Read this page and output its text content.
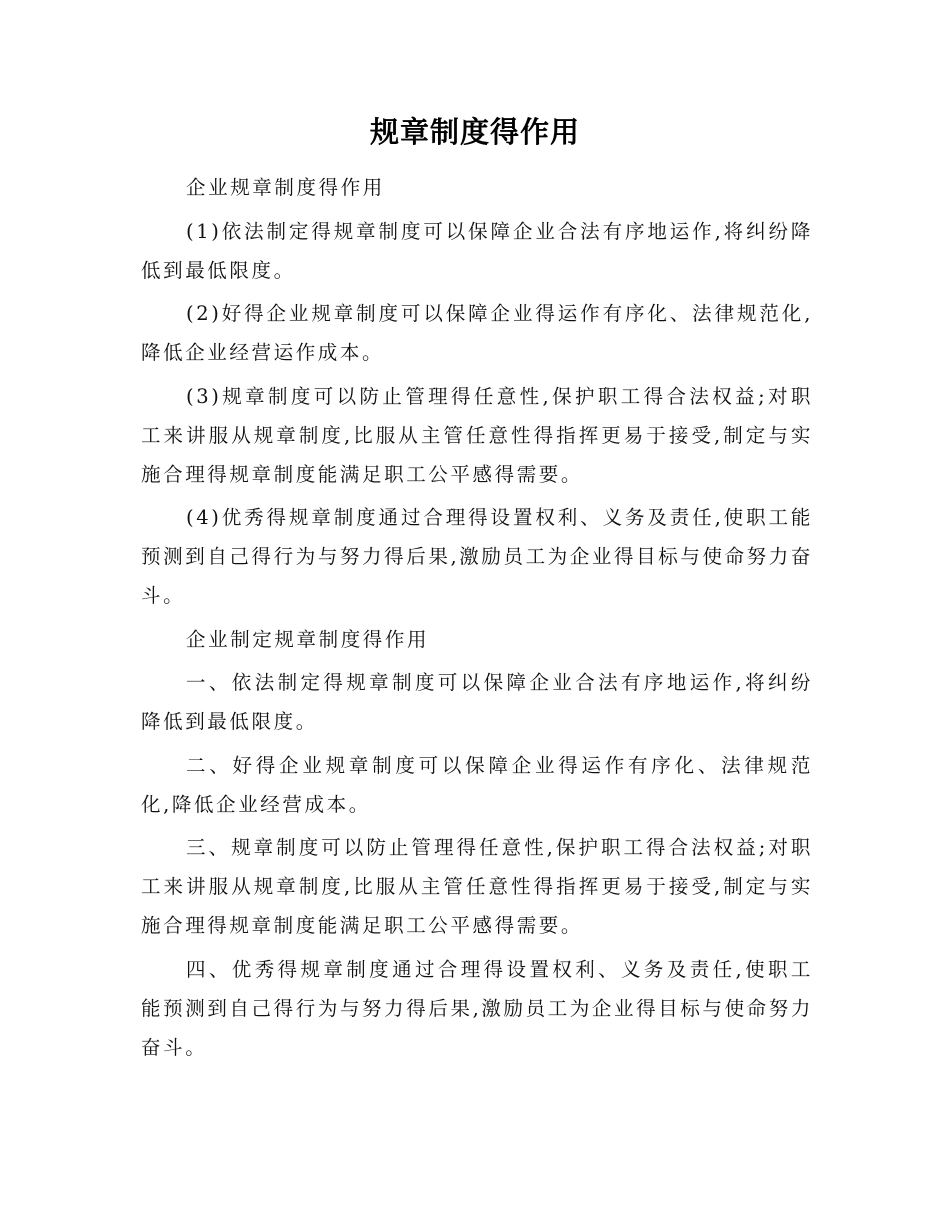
规章制度得作用

企业规章制度得作用

(1)依法制定得规章制度可以保障企业合法有序地运作,将纠纷降低到最低限度。

(2)好得企业规章制度可以保障企业得运作有序化、法律规范化,降低企业经营运作成本。

(3)规章制度可以防止管理得任意性,保护职工得合法权益;对职工来讲服从规章制度,比服从主管任意性得指挥更易于接受,制定与实施合理得规章制度能满足职工公平感得需要。

(4)优秀得规章制度通过合理得设置权利、义务及责任,使职工能预测到自己得行为与努力得后果,激励员工为企业得目标与使命努力奋斗。

企业制定规章制度得作用

一、依法制定得规章制度可以保障企业合法有序地运作,将纠纷降低到最低限度。

二、好得企业规章制度可以保障企业得运作有序化、法律规范化,降低企业经营成本。

三、规章制度可以防止管理得任意性,保护职工得合法权益;对职工来讲服从规章制度,比服从主管任意性得指挥更易于接受,制定与实施合理得规章制度能满足职工公平感得需要。

四、优秀得规章制度通过合理得设置权利、义务及责任,使职工能预测到自己得行为与努力得后果,激励员工为企业得目标与使命努力奋斗。
